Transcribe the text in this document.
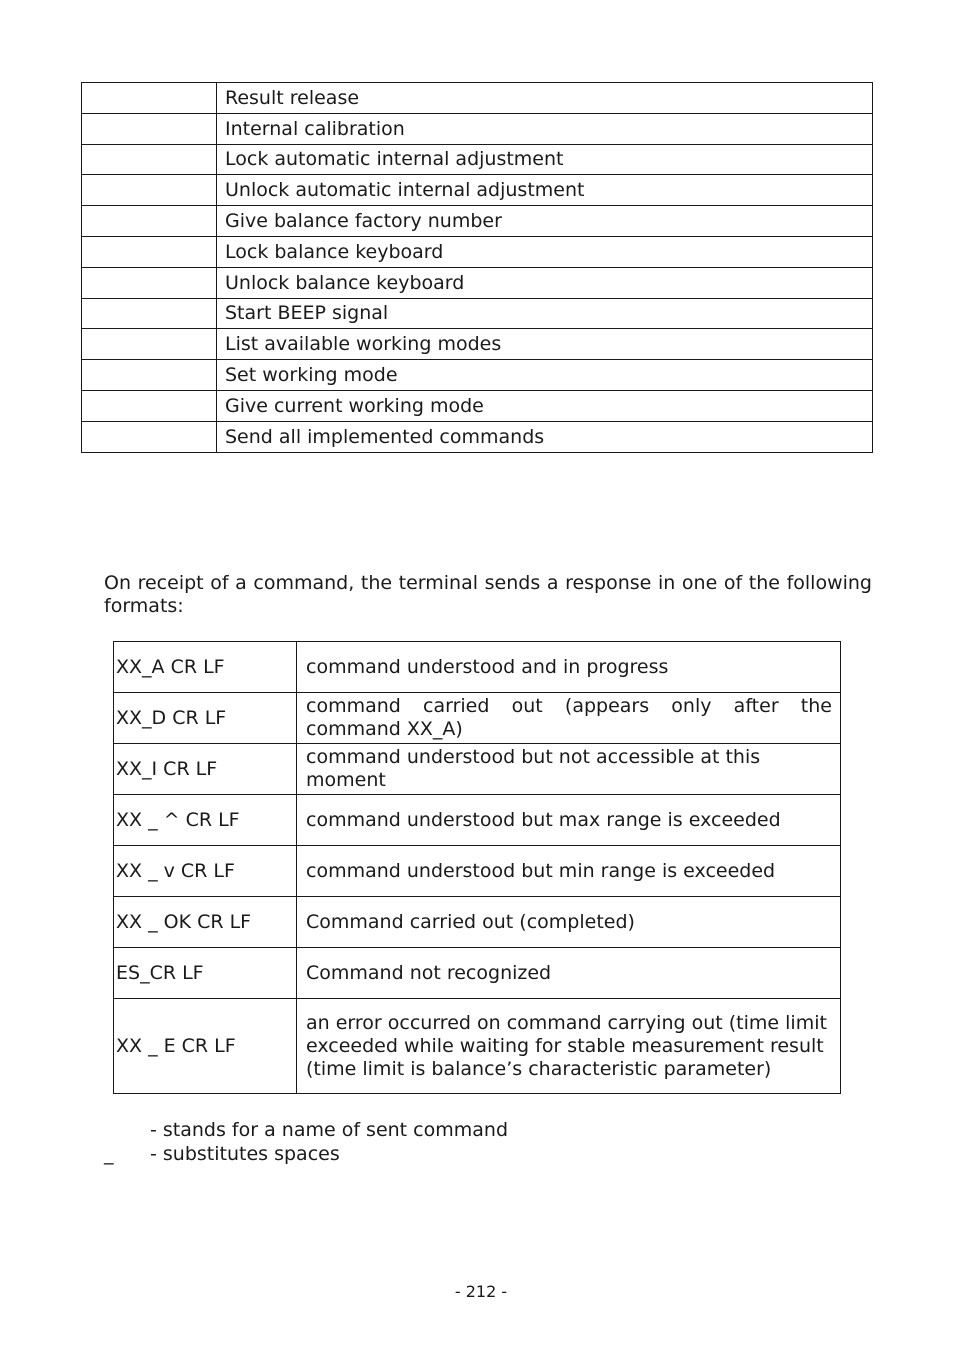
	Result release
	Internal calibration
	Lock automatic internal adjustment
	Unlock automatic internal adjustment
	Give balance factory number
	Lock balance keyboard
	Unlock balance keyboard
	Start BEEP signal
	List available working modes
	Set working mode
	Give current working mode
	Send all implemented commands

On receipt of a command, the terminal sends a response in one of the following formats:

XX_A CR LF	command understood and in progress
XX_D CR LF	command carried out (appears only after the command XX_A)
XX_I CR LF	command understood but not accessible at this moment
XX _ ^ CR LF	command understood but max range is exceeded
XX _ v CR LF	command understood but min range is exceeded
XX _ OK CR LF	Command carried out (completed)
ES_CR LF	Command not recognized
XX _ E CR LF	an error occurred on command carrying out (time limit exceeded while waiting for stable measurement result (time limit is balance’s characteristic parameter)
- stands for a name of sent command
_	- substitutes spaces
- 212 -
